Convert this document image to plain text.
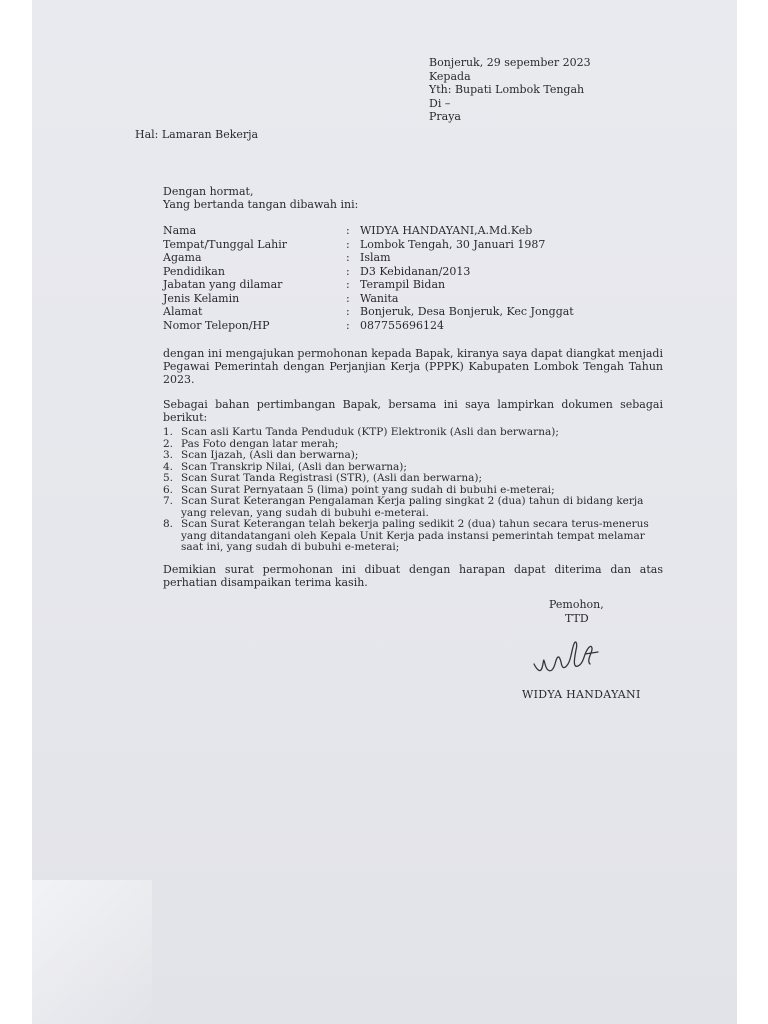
Bonjeruk, 29 sepember 2023
Kepada
Yth: Bupati Lombok Tengah
Di –
Praya
Hal: Lamaran Bekerja
Dengan hormat,
Yang bertanda tangan dibawah ini:
Nama	: WIDYA HANDAYANI,A.Md.Keb
Tempat/Tunggal Lahir	: Lombok Tengah, 30 Januari 1987
Agama	: Islam
Pendidikan	: D3 Kebidanan/2013
Jabatan yang dilamar	: Terampil Bidan
Jenis Kelamin	: Wanita
Alamat	: Bonjeruk, Desa Bonjeruk, Kec Jonggat
Nomor Telepon/HP	: 087755696124
dengan ini mengajukan permohonan kepada Bapak, kiranya saya dapat diangkat menjadi Pegawai Pemerintah dengan Perjanjian Kerja (PPPK) Kabupaten Lombok Tengah Tahun 2023.
Sebagai bahan pertimbangan Bapak, bersama ini saya lampirkan dokumen sebagai berikut:
1. Scan asli Kartu Tanda Penduduk (KTP) Elektronik (Asli dan berwarna);
2. Pas Foto dengan latar merah;
3. Scan Ijazah, (Asli dan berwarna);
4. Scan Transkrip Nilai, (Asli dan berwarna);
5. Scan Surat Tanda Registrasi (STR), (Asli dan berwarna);
6. Scan Surat Pernyataan 5 (lima) point yang sudah di bubuhi e-meterai;
7. Scan Surat Keterangan Pengalaman Kerja paling singkat 2 (dua) tahun di bidang kerja yang relevan, yang sudah di bubuhi e-meterai.
8. Scan Surat Keterangan telah bekerja paling sedikit 2 (dua) tahun secara terus-menerus yang ditandatangani oleh Kepala Unit Kerja pada instansi pemerintah tempat melamar saat ini, yang sudah di bubuhi e-meterai;
Demikian surat permohonan ini dibuat dengan harapan dapat diterima dan atas perhatian disampaikan terima kasih.
Pemohon,
TTD
WIDYA HANDAYANI
